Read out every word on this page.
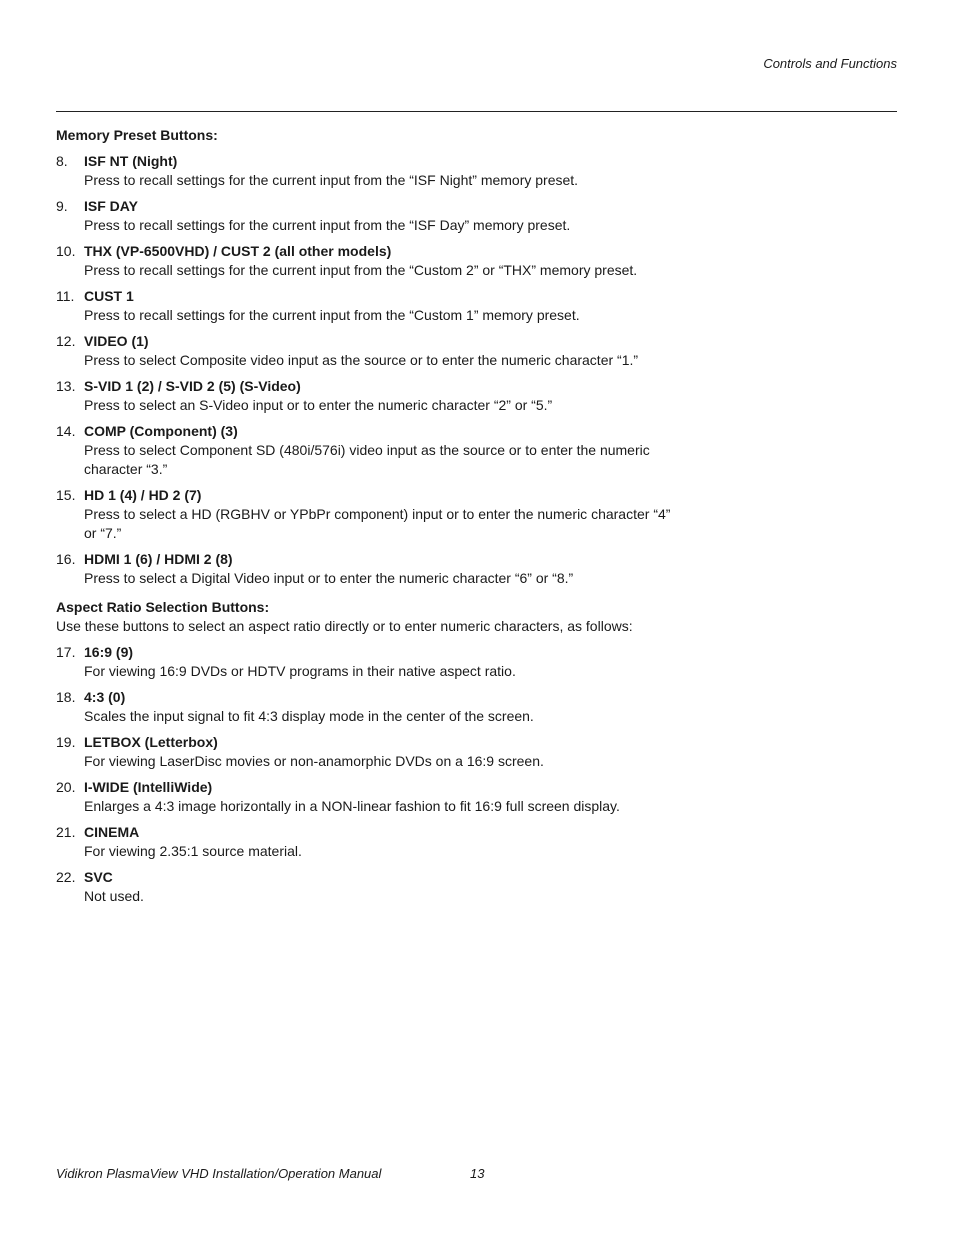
Controls and Functions

Memory Preset Buttons:

8. ISF NT (Night)
Press to recall settings for the current input from the “ISF Night” memory preset.
9. ISF DAY
Press to recall settings for the current input from the “ISF Day” memory preset.
10. THX (VP-6500VHD) / CUST 2 (all other models)
Press to recall settings for the current input from the “Custom 2” or “THX” memory preset.
11. CUST 1
Press to recall settings for the current input from the “Custom 1” memory preset.
12. VIDEO (1)
Press to select Composite video input as the source or to enter the numeric character “1.”
13. S-VID 1 (2) / S-VID 2 (5) (S-Video)
Press to select an S-Video input or to enter the numeric character “2” or “5.”
14. COMP (Component) (3)
Press to select Component SD (480i/576i) video input as the source or to enter the numeric character “3.”
15. HD 1 (4) / HD 2 (7)
Press to select a HD (RGBHV or YPbPr component) input or to enter the numeric character “4” or “7.”
16. HDMI 1 (6) / HDMI 2 (8)
Press to select a Digital Video input or to enter the numeric character “6” or “8.”

Aspect Ratio Selection Buttons:

Use these buttons to select an aspect ratio directly or to enter numeric characters, as follows:

17. 16:9 (9)
For viewing 16:9 DVDs or HDTV programs in their native aspect ratio.
18. 4:3 (0)
Scales the input signal to fit 4:3 display mode in the center of the screen.
19. LETBOX (Letterbox)
For viewing LaserDisc movies or non-anamorphic DVDs on a 16:9 screen.
20. I-WIDE (IntelliWide)
Enlarges a 4:3 image horizontally in a NON-linear fashion to fit 16:9 full screen display.
21. CINEMA
For viewing 2.35:1 source material.
22. SVC
Not used.
Vidikron PlasmaView VHD Installation/Operation Manual	13
